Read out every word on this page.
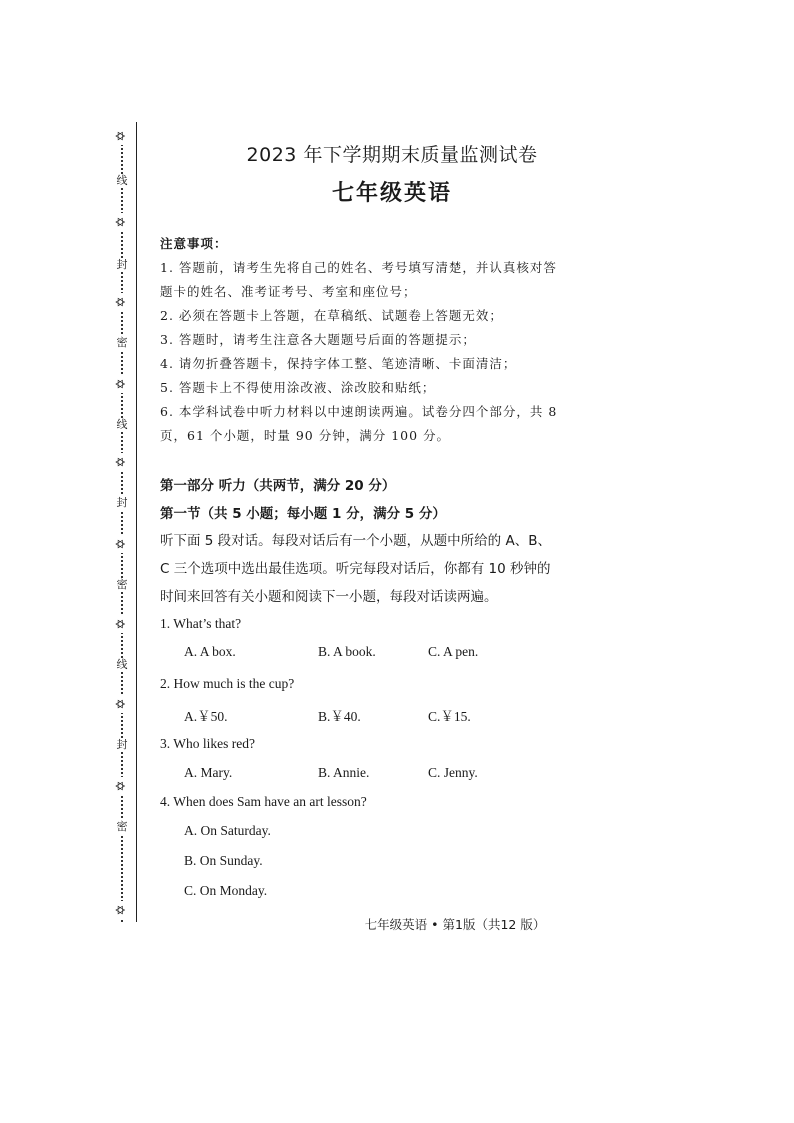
✡
线
✡
封
✡
密
✡
线
✡
封
✡
密
✡
线
✡
封
✡
密
✡
2023 年下学期期末质量监测试卷
七年级英语

注意事项：

1. 答题前，请考生先将自己的姓名、考号填写清楚，并认真核对答题卡的姓名、准考证考号、考室和座位号；

2. 必须在答题卡上答题，在草稿纸、试题卷上答题无效；

3. 答题时，请考生注意各大题题号后面的答题提示；

4. 请勿折叠答题卡，保持字体工整、笔迹清晰、卡面清洁；

5. 答题卡上不得使用涂改液、涂改胶和贴纸；

6. 本学科试卷中听力材料以中速朗读两遍。试卷分四个部分，共 8 页，61 个小题，时量 90 分钟，满分 100 分。

第一部分 听力（共两节，满分 20 分）
第一节（共 5 小题；每小题 1 分，满分 5 分）

听下面 5 段对话。每段对话后有一个小题，从题中所给的 A、B、C 三个选项中选出最佳选项。听完每段对话后，你都有 10 秒钟的时间来回答有关小题和阅读下一小题，每段对话读两遍。

1. What’s that?
A. A box.	B. A book.	C. A pen.
2. How much is the cup?
A.￥50.	B.￥40.	C.￥15.
3. Who likes red?
A. Mary.	B. Annie.	C. Jenny.
4. When does Sam have an art lesson?
A. On Saturday.
B. On Sunday.
C. On Monday.
七年级英语 • 第1版（共12 版）
